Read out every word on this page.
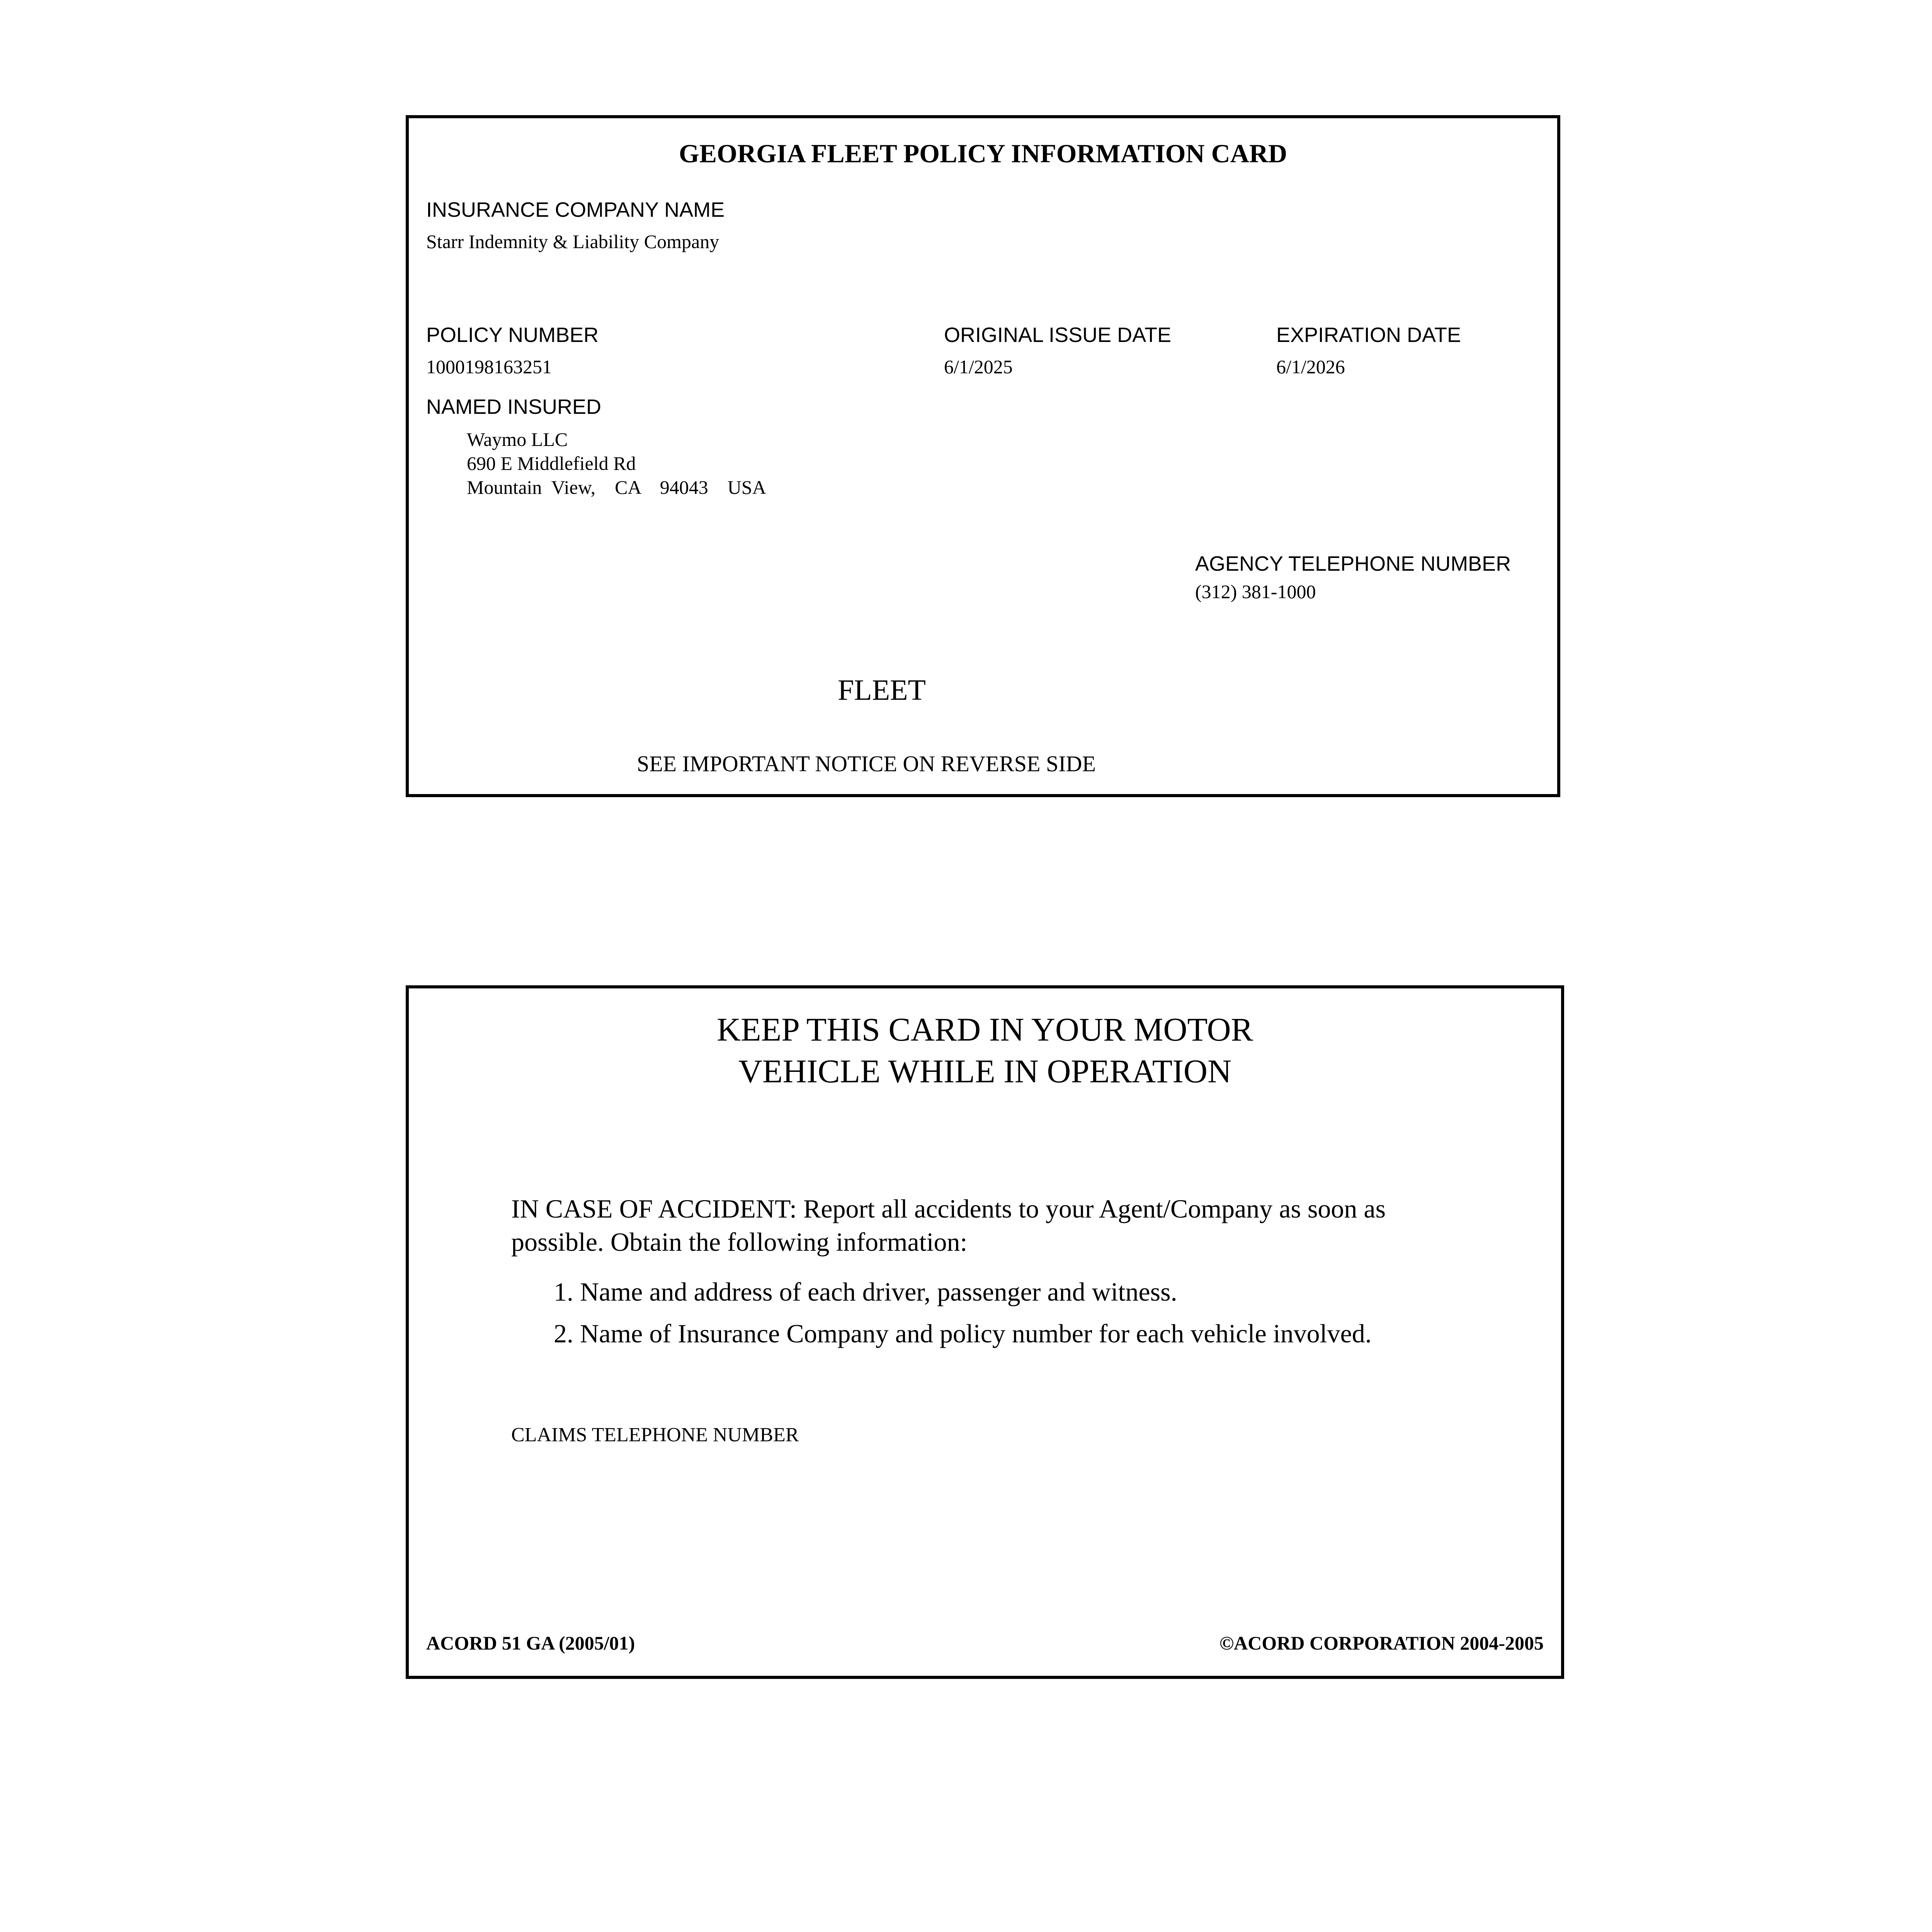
GEORGIA FLEET POLICY INFORMATION CARD
INSURANCE COMPANY NAME
Starr Indemnity & Liability Company
POLICY NUMBER
1000198163251
ORIGINAL ISSUE DATE
6/1/2025
EXPIRATION DATE
6/1/2026
NAMED INSURED
Waymo LLC
690 E Middlefield Rd
Mountain  View,    CA    94043    USA
AGENCY TELEPHONE NUMBER
(312) 381-1000
FLEET
SEE IMPORTANT NOTICE ON REVERSE SIDE
KEEP THIS CARD IN YOUR MOTOR
VEHICLE WHILE IN OPERATION
IN CASE OF ACCIDENT: Report all accidents to your Agent/Company as soon as possible. Obtain the following information:
1. Name and address of each driver, passenger and witness.
2. Name of Insurance Company and policy number for each vehicle involved.
CLAIMS TELEPHONE NUMBER
ACORD 51 GA (2005/01)	©ACORD CORPORATION 2004-2005
